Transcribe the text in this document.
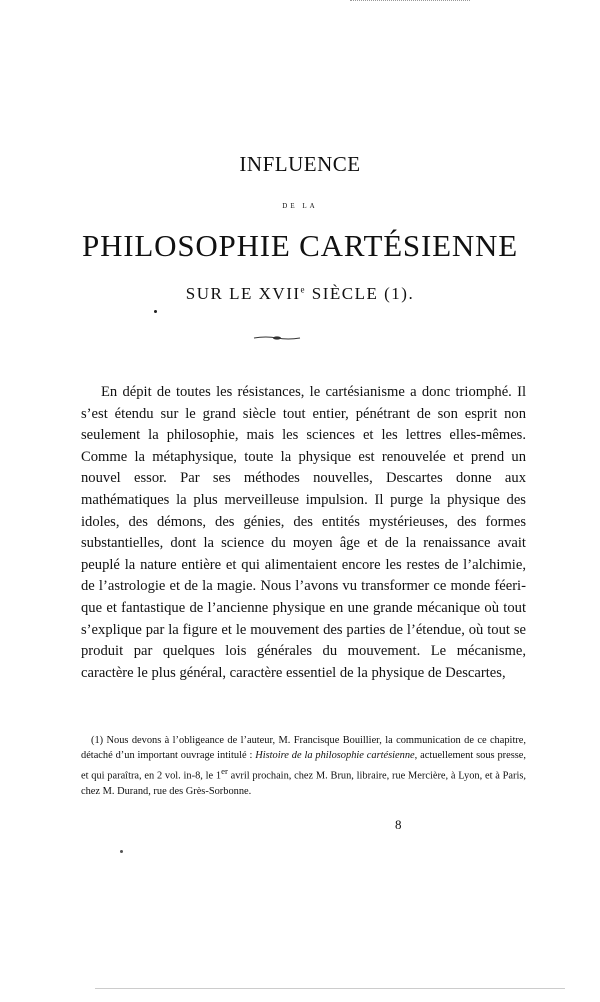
INFLUENCE
DE LA
PHILOSOPHIE CARTÉSIENNE
SUR LE XVIIe SIÈCLE (1).

En dépit de toutes les résistances, le cartésianisme a donc triomphé. Il s’est étendu sur le grand siècle tout entier, pénétrant de son esprit non seulement la philosophie, mais les sciences et les lettres elles‑mêmes. Comme la métaphysique, toute la physique est renouvelée et prend un nouvel essor. Par ses méthodes nouvelles, Descartes donne aux mathématiques la plus merveilleuse impulsion. Il purge la physique des idoles, des démons, des génies, des entités mystérieuses, des formes substantielles, dont la science du moyen âge et de la renaissance avait peuplé la nature entière et qui alimentaient encore les restes de l’alchimie, de l’astrologie et de la magie. Nous l’avons vu transformer ce monde féerique et fantastique de l’ancienne physique en une grande mécanique où tout s’explique par la figure et le mouvement des parties de l’étendue, où tout se produit par quelques lois générales du mouvement. Le mécanisme, caractère le plus général, caractère essentiel de la physique de Descartes,

(1) Nous devons à l’obligeance de l’auteur, M. Francisque Bouillier, la communication de ce chapitre, détaché d’un important ouvrage intitulé : Histoire de la philosophie cartésienne, actuellement sous presse, et qui paraîtra, en 2 vol. in-8, le 1er avril prochain, chez M. Brun, libraire, rue Mercière, à Lyon, et à Paris, chez M. Durand, rue des Grès-Sorbonne.

8
